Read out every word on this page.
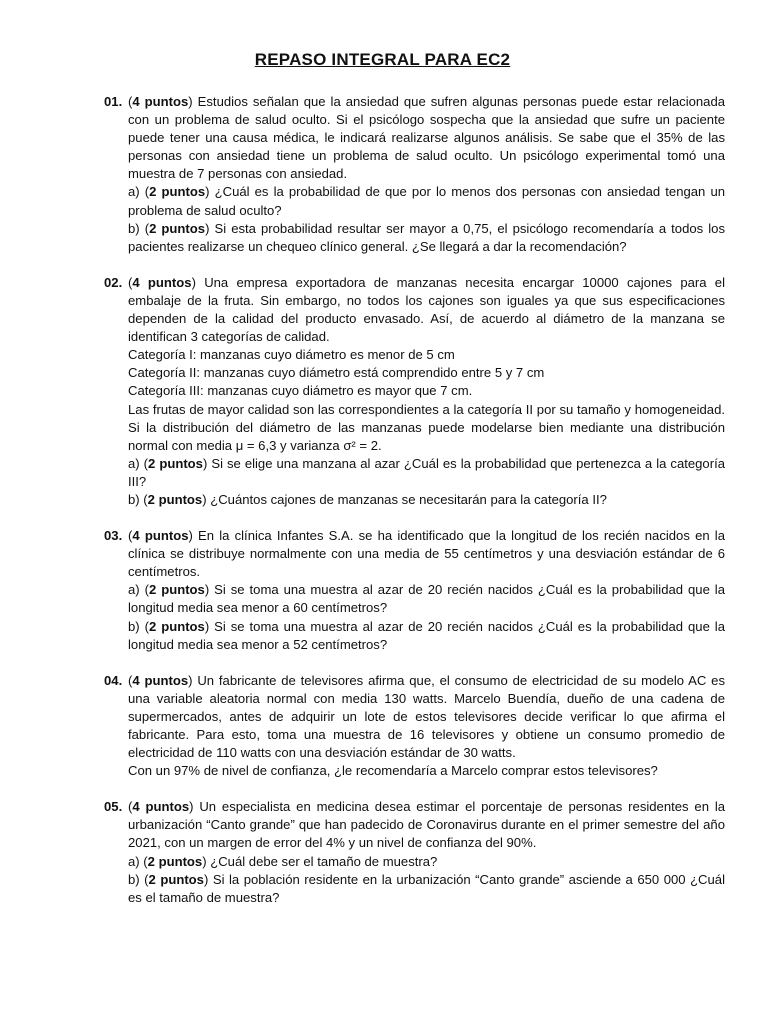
REPASO INTEGRAL PARA EC2
01. (4 puntos) Estudios señalan que la ansiedad que sufren algunas personas puede estar relacionada con un problema de salud oculto. Si el psicólogo sospecha que la ansiedad que sufre un paciente puede tener una causa médica, le indicará realizarse algunos análisis. Se sabe que el 35% de las personas con ansiedad tiene un problema de salud oculto. Un psicólogo experimental tomó una muestra de 7 personas con ansiedad.
a) (2 puntos) ¿Cuál es la probabilidad de que por lo menos dos personas con ansiedad tengan un problema de salud oculto?
b) (2 puntos) Si esta probabilidad resultar ser mayor a 0,75, el psicólogo recomendaría a todos los pacientes realizarse un chequeo clínico general. ¿Se llegará a dar la recomendación?
02. (4 puntos) Una empresa exportadora de manzanas necesita encargar 10000 cajones para el embalaje de la fruta. Sin embargo, no todos los cajones son iguales ya que sus especificaciones dependen de la calidad del producto envasado. Así, de acuerdo al diámetro de la manzana se identifican 3 categorías de calidad.
Categoría I: manzanas cuyo diámetro es menor de 5 cm
Categoría II: manzanas cuyo diámetro está comprendido entre 5 y 7 cm
Categoría III: manzanas cuyo diámetro es mayor que 7 cm.
Las frutas de mayor calidad son las correspondientes a la categoría II por su tamaño y homogeneidad. Si la distribución del diámetro de las manzanas puede modelarse bien mediante una distribución normal con media μ = 6,3 y varianza σ² = 2.
a) (2 puntos) Si se elige una manzana al azar ¿Cuál es la probabilidad que pertenezca a la categoría III?
b) (2 puntos) ¿Cuántos cajones de manzanas se necesitarán para la categoría II?
03. (4 puntos) En la clínica Infantes S.A. se ha identificado que la longitud de los recién nacidos en la clínica se distribuye normalmente con una media de 55 centímetros y una desviación estándar de 6 centímetros.
a) (2 puntos) Si se toma una muestra al azar de 20 recién nacidos ¿Cuál es la probabilidad que la longitud media sea menor a 60 centímetros?
b) (2 puntos) Si se toma una muestra al azar de 20 recién nacidos ¿Cuál es la probabilidad que la longitud media sea menor a 52 centímetros?
04. (4 puntos) Un fabricante de televisores afirma que, el consumo de electricidad de su modelo AC es una variable aleatoria normal con media 130 watts. Marcelo Buendía, dueño de una cadena de supermercados, antes de adquirir un lote de estos televisores decide verificar lo que afirma el fabricante. Para esto, toma una muestra de 16 televisores y obtiene un consumo promedio de electricidad de 110 watts con una desviación estándar de 30 watts.
Con un 97% de nivel de confianza, ¿le recomendaría a Marcelo comprar estos televisores?
05. (4 puntos) Un especialista en medicina desea estimar el porcentaje de personas residentes en la urbanización “Canto grande” que han padecido de Coronavirus durante en el primer semestre del año 2021, con un margen de error del 4% y un nivel de confianza del 90%.
a) (2 puntos) ¿Cuál debe ser el tamaño de muestra?
b) (2 puntos) Si la población residente en la urbanización “Canto grande” asciende a 650 000 ¿Cuál es el tamaño de muestra?
